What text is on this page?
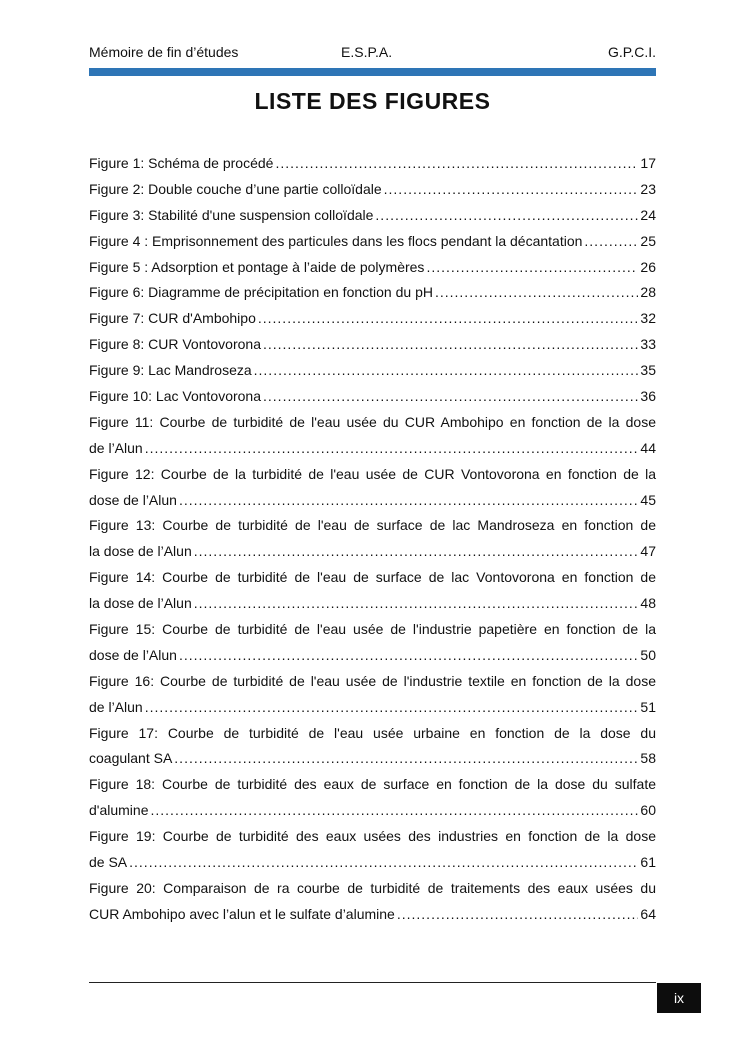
Mémoire de fin d’études	E.S.P.A.	G.P.C.I.
LISTE DES FIGURES
Figure 1: Schéma de procédé .....	17
Figure 2: Double couche d’une partie colloïdale .....	23
Figure 3: Stabilité d'une suspension colloïdale .....	24
Figure 4 : Emprisonnement des particules dans les flocs pendant la décantation .....	25
Figure 5 : Adsorption et pontage à l’aide de polymères .....	26
Figure 6: Diagramme de précipitation en fonction du pH .....	28
Figure 7: CUR d'Ambohipo .....	32
Figure 8: CUR Vontovorona .....	33
Figure 9: Lac Mandroseza .....	35
Figure 10: Lac Vontovorona .....	36
Figure 11: Courbe de turbidité de l'eau usée du CUR Ambohipo en fonction de la dose
de l’Alun .....	44
Figure 12: Courbe de la turbidité de l'eau usée de CUR Vontovorona en fonction de la
dose de l’Alun .....	45
Figure 13: Courbe de turbidité de l'eau de surface de lac Mandroseza en fonction de
la dose de l’Alun .....	47
Figure 14: Courbe de turbidité de l'eau de surface de lac Vontovorona en fonction de
la dose de l’Alun .....	48
Figure 15: Courbe de turbidité de l'eau usée de l'industrie papetière en fonction de la
dose de l’Alun .....	50
Figure 16: Courbe de turbidité de l'eau usée de l'industrie textile en fonction de la dose
de l’Alun .....	51
Figure 17: Courbe de turbidité de l'eau usée urbaine en fonction de la dose du
coagulant SA .....	58
Figure 18: Courbe de turbidité des eaux de surface en fonction de la dose du sulfate
d'alumine .....	60
Figure 19: Courbe de turbidité des eaux usées des industries en fonction de la dose
de SA .....	61
Figure 20: Comparaison de ra courbe de turbidité de traitements des eaux usées du
CUR Ambohipo avec l’alun et le sulfate d’alumine .....	64
ix
